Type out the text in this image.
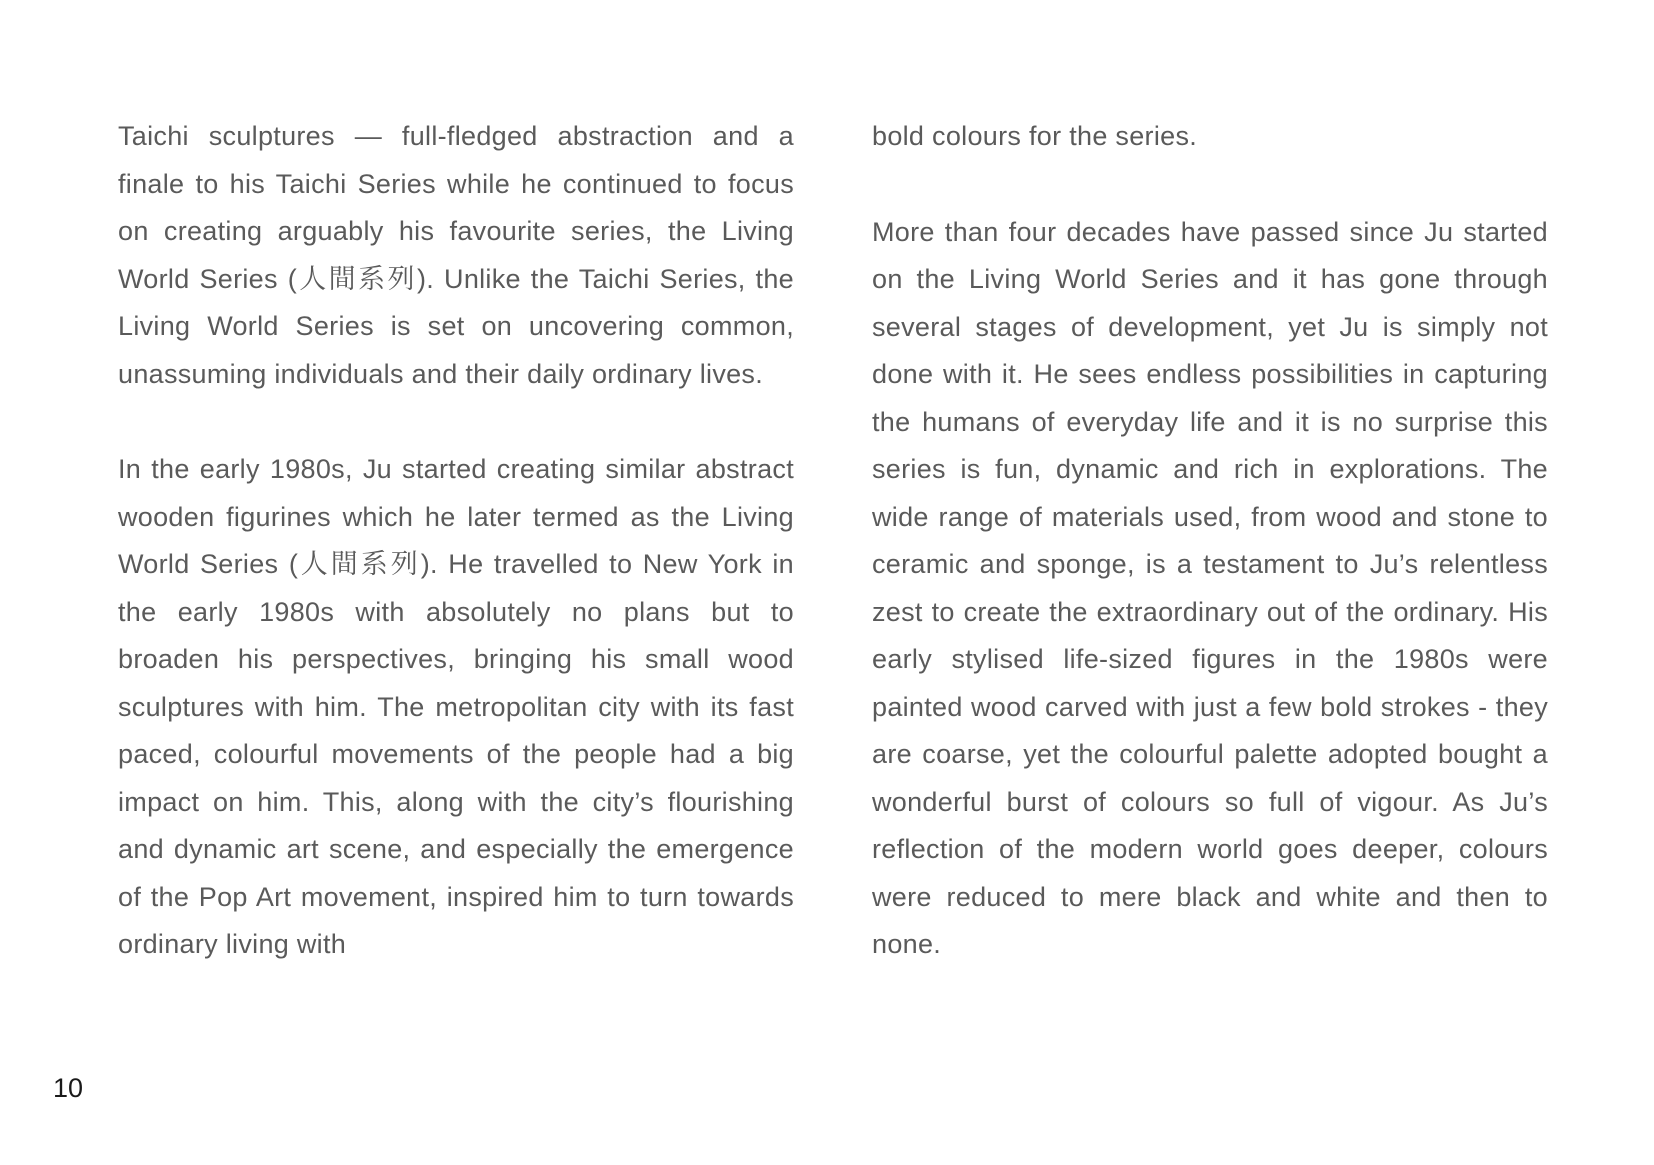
Taichi sculptures — full-fledged abstraction and a finale to his Taichi Series while he continued to focus on creating arguably his favourite series, the Living World Series (人間系列). Unlike the Taichi Series, the Living World Series is set on uncovering common, unassuming individuals and their daily ordinary lives.

In the early 1980s, Ju started creating similar abstract wooden figurines which he later termed as the Living World Series (人間系列). He travelled to New York in the early 1980s with absolutely no plans but to broaden his perspectives, bringing his small wood sculptures with him. The metropolitan city with its fast paced, colourful movements of the people had a big impact on him. This, along with the city’s flourishing and dynamic art scene, and especially the emergence of the Pop Art movement, inspired him to turn towards ordinary living with

bold colours for the series.

More than four decades have passed since Ju started on the Living World Series and it has gone through several stages of development, yet Ju is simply not done with it. He sees endless possibilities in capturing the humans of everyday life and it is no surprise this series is fun, dynamic and rich in explorations. The wide range of materials used, from wood and stone to ceramic and sponge, is a testament to Ju’s relentless zest to create the extraordinary out of the ordinary. His early stylised life-sized figures in the 1980s were painted wood carved with just a few bold strokes - they are coarse, yet the colourful palette adopted bought a wonderful burst of colours so full of vigour. As Ju’s reflection of the modern world goes deeper, colours were reduced to mere black and white and then to none.

10
